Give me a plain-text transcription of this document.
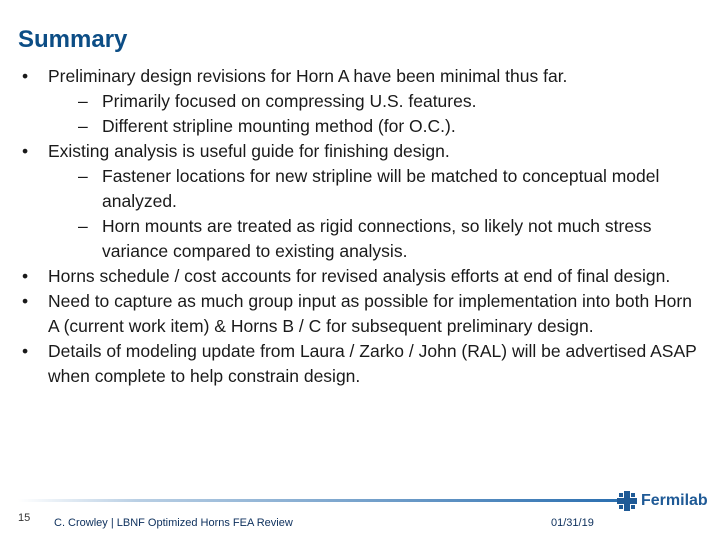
Summary
• Preliminary design revisions for Horn A have been minimal thus far.
– Primarily focused on compressing U.S. features.
– Different stripline mounting method (for O.C.).
• Existing analysis is useful guide for finishing design.
– Fastener locations for new stripline will be matched to conceptual model analyzed.
– Horn mounts are treated as rigid connections, so likely not much stress variance compared to existing analysis.
• Horns schedule / cost accounts for revised analysis efforts at end of final design.
• Need to capture as much group input as possible for implementation into both Horn A (current work item) & Horns B / C for subsequent preliminary design.
• Details of modeling update from Laura / Zarko / John (RAL) will be advertised ASAP when complete to help constrain design.
Fermilab
15 C. Crowley | LBNF Optimized Horns FEA Review	01/31/19
